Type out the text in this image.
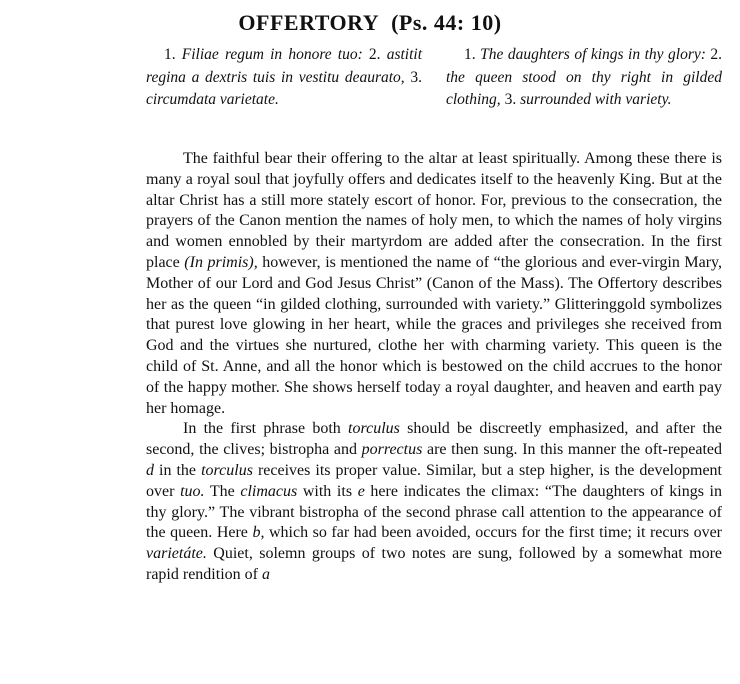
OFFERTORY (Ps. 44: 10)
1. Filiae regum in honore tuo: 2. astitit regina a dextris tuis in vestitu deaurato, 3. circumdata varietate.
1. The daughters of kings in thy glory: 2. the queen stood on thy right in gilded clothing, 3. surrounded with variety.

The faithful bear their offering to the altar at least spiritually. Among these there is many a royal soul that joyfully offers and dedicates itself to the heavenly King. But at the altar Christ has a still more stately escort of honor. For, previous to the consecration, the prayers of the Canon mention the names of holy men, to which the names of holy virgins and women ennobled by their martyrdom are added after the consecration. In the first place (In primis), however, is mentioned the name of “the glorious and ever-virgin Mary, Mother of our Lord and God Jesus Christ” (Canon of the Mass). The Offertory describes her as the queen “in gilded clothing, surrounded with variety.” Glitteringgold symbolizes that purest love glowing in her heart, while the graces and privileges she received from God and the virtues she nurtured, clothe her with charming variety. This queen is the child of St. Anne, and all the honor which is bestowed on the child accrues to the honor of the happy mother. She shows herself today a royal daughter, and heaven and earth pay her homage.

In the first phrase both torculus should be discreetly emphasized, and after the second, the clives; bistropha and porrectus are then sung. In this manner the oft-repeated d in the torculus receives its proper value. Similar, but a step higher, is the development over tuo. The climacus with its e here indicates the climax: “The daughters of kings in thy glory.” The vibrant bistropha of the second phrase call attention to the appearance of the queen. Here b, which so far had been avoided, occurs for the first time; it recurs over varietáte. Quiet, solemn groups of two notes are sung, followed by a somewhat more rapid rendition of a
